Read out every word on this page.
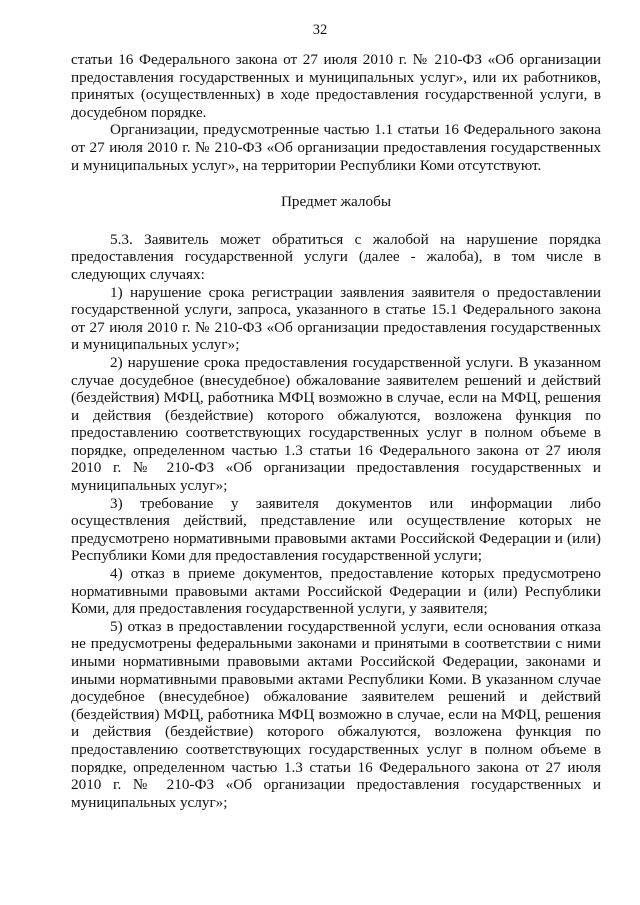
32

статьи 16 Федерального закона от 27 июля 2010 г. № 210-ФЗ «Об организации предоставления государственных и муниципальных услуг», или их работников, принятых (осуществленных) в ходе предоставления государственной услуги, в досудебном порядке.

Организации, предусмотренные частью 1.1 статьи 16 Федерального закона от 27 июля 2010 г. № 210-ФЗ «Об организации предоставления государственных и муниципальных услуг», на территории Республики Коми отсутствуют.

Предмет жалобы

5.3. Заявитель может обратиться с жалобой на нарушение порядка предоставления государственной услуги (далее - жалоба), в том числе в следующих случаях:

1) нарушение срока регистрации заявления заявителя о предоставлении государственной услуги, запроса, указанного в статье 15.1 Федерального закона от 27 июля 2010 г. № 210-ФЗ «Об организации предоставления государственных и муниципальных услуг»;

2) нарушение срока предоставления государственной услуги. В указанном случае досудебное (внесудебное) обжалование заявителем решений и действий (бездействия) МФЦ, работника МФЦ возможно в случае, если на МФЦ, решения и действия (бездействие) которого обжалуются, возложена функция по предоставлению соответствующих государственных услуг в полном объеме в порядке, определенном частью 1.3 статьи 16 Федерального закона от 27 июля 2010 г. № 210-ФЗ «Об организации предоставления государственных и муниципальных услуг»;

3) требование у заявителя документов или информации либо осуществления действий, представление или осуществление которых не предусмотрено нормативными правовыми актами Российской Федерации и (или) Республики Коми для предоставления государственной услуги;

4) отказ в приеме документов, предоставление которых предусмотрено нормативными правовыми актами Российской Федерации и (или) Республики Коми, для предоставления государственной услуги, у заявителя;

5) отказ в предоставлении государственной услуги, если основания отказа не предусмотрены федеральными законами и принятыми в соответствии с ними иными нормативными правовыми актами Российской Федерации, законами и иными нормативными правовыми актами Республики Коми. В указанном случае досудебное (внесудебное) обжалование заявителем решений и действий (бездействия) МФЦ, работника МФЦ возможно в случае, если на МФЦ, решения и действия (бездействие) которого обжалуются, возложена функция по предоставлению соответствующих государственных услуг в полном объеме в порядке, определенном частью 1.3 статьи 16 Федерального закона от 27 июля 2010 г. № 210-ФЗ «Об организации предоставления государственных и муниципальных услуг»;
